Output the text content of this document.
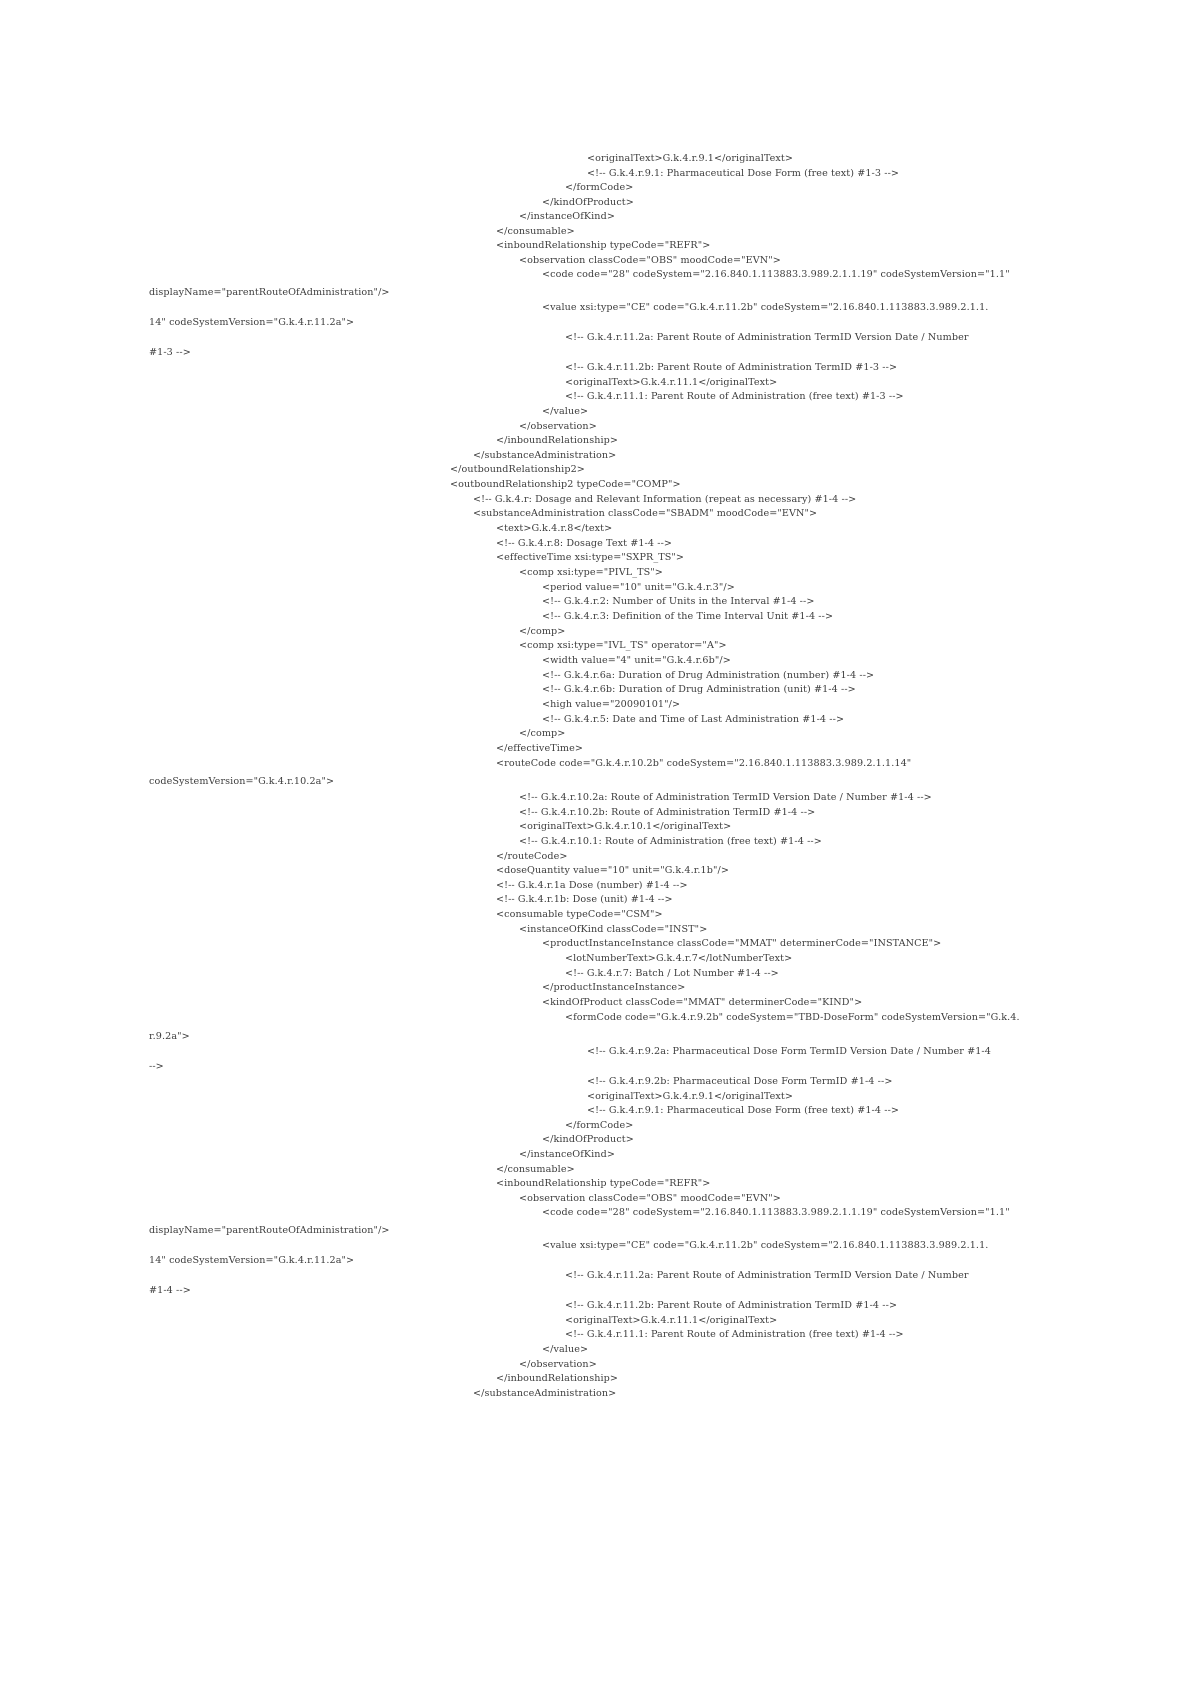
<originalText>G.k.4.r.9.1</originalText>
<!-- G.k.4.r.9.1: Pharmaceutical Dose Form (free text) #1-3 -->
</formCode>
</kindOfProduct>
</instanceOfKind>
</consumable>
<inboundRelationship typeCode="REFR">
<observation classCode="OBS" moodCode="EVN">
<code code="28" codeSystem="2.16.840.1.113883.3.989.2.1.1.19" codeSystemVersion="1.1"
displayName="parentRouteOfAdministration"/>
<value xsi:type="CE" code="G.k.4.r.11.2b" codeSystem="2.16.840.1.113883.3.989.2.1.1.
14" codeSystemVersion="G.k.4.r.11.2a">
<!-- G.k.4.r.11.2a: Parent Route of Administration TermID Version Date / Number
#1-3 -->
<!-- G.k.4.r.11.2b: Parent Route of Administration TermID #1-3 -->
<originalText>G.k.4.r.11.1</originalText>
<!-- G.k.4.r.11.1: Parent Route of Administration (free text) #1-3 -->
</value>
</observation>
</inboundRelationship>
</substanceAdministration>
</outboundRelationship2>
<outboundRelationship2 typeCode="COMP">
<!-- G.k.4.r: Dosage and Relevant Information (repeat as necessary) #1-4 -->
<substanceAdministration classCode="SBADM" moodCode="EVN">
<text>G.k.4.r.8</text>
<!-- G.k.4.r.8: Dosage Text #1-4 -->
<effectiveTime xsi:type="SXPR_TS">
<comp xsi:type="PIVL_TS">
<period value="10" unit="G.k.4.r.3"/>
<!-- G.k.4.r.2: Number of Units in the Interval #1-4 -->
<!-- G.k.4.r.3: Definition of the Time Interval Unit #1-4 -->
</comp>
<comp xsi:type="IVL_TS" operator="A">
<width value="4" unit="G.k.4.r.6b"/>
<!-- G.k.4.r.6a: Duration of Drug Administration (number) #1-4 -->
<!-- G.k.4.r.6b: Duration of Drug Administration (unit) #1-4 -->
<high value="20090101"/>
<!-- G.k.4.r.5: Date and Time of Last Administration #1-4 -->
</comp>
</effectiveTime>
<routeCode code="G.k.4.r.10.2b" codeSystem="2.16.840.1.113883.3.989.2.1.1.14"
codeSystemVersion="G.k.4.r.10.2a">
<!-- G.k.4.r.10.2a: Route of Administration TermID Version Date / Number #1-4 -->
<!-- G.k.4.r.10.2b: Route of Administration TermID #1-4 -->
<originalText>G.k.4.r.10.1</originalText>
<!-- G.k.4.r.10.1: Route of Administration (free text) #1-4 -->
</routeCode>
<doseQuantity value="10" unit="G.k.4.r.1b"/>
<!-- G.k.4.r.1a Dose (number) #1-4 -->
<!-- G.k.4.r.1b: Dose (unit) #1-4 -->
<consumable typeCode="CSM">
<instanceOfKind classCode="INST">
<productInstanceInstance classCode="MMAT" determinerCode="INSTANCE">
<lotNumberText>G.k.4.r.7</lotNumberText>
<!-- G.k.4.r.7: Batch / Lot Number #1-4 -->
</productInstanceInstance>
<kindOfProduct classCode="MMAT" determinerCode="KIND">
<formCode code="G.k.4.r.9.2b" codeSystem="TBD-DoseForm" codeSystemVersion="G.k.4.
r.9.2a">
<!-- G.k.4.r.9.2a: Pharmaceutical Dose Form TermID Version Date / Number #1-4
-->
<!-- G.k.4.r.9.2b: Pharmaceutical Dose Form TermID #1-4 -->
<originalText>G.k.4.r.9.1</originalText>
<!-- G.k.4.r.9.1: Pharmaceutical Dose Form (free text) #1-4 -->
</formCode>
</kindOfProduct>
</instanceOfKind>
</consumable>
<inboundRelationship typeCode="REFR">
<observation classCode="OBS" moodCode="EVN">
<code code="28" codeSystem="2.16.840.1.113883.3.989.2.1.1.19" codeSystemVersion="1.1"
displayName="parentRouteOfAdministration"/>
<value xsi:type="CE" code="G.k.4.r.11.2b" codeSystem="2.16.840.1.113883.3.989.2.1.1.
14" codeSystemVersion="G.k.4.r.11.2a">
<!-- G.k.4.r.11.2a: Parent Route of Administration TermID Version Date / Number
#1-4 -->
<!-- G.k.4.r.11.2b: Parent Route of Administration TermID #1-4 -->
<originalText>G.k.4.r.11.1</originalText>
<!-- G.k.4.r.11.1: Parent Route of Administration (free text) #1-4 -->
</value>
</observation>
</inboundRelationship>
</substanceAdministration>
